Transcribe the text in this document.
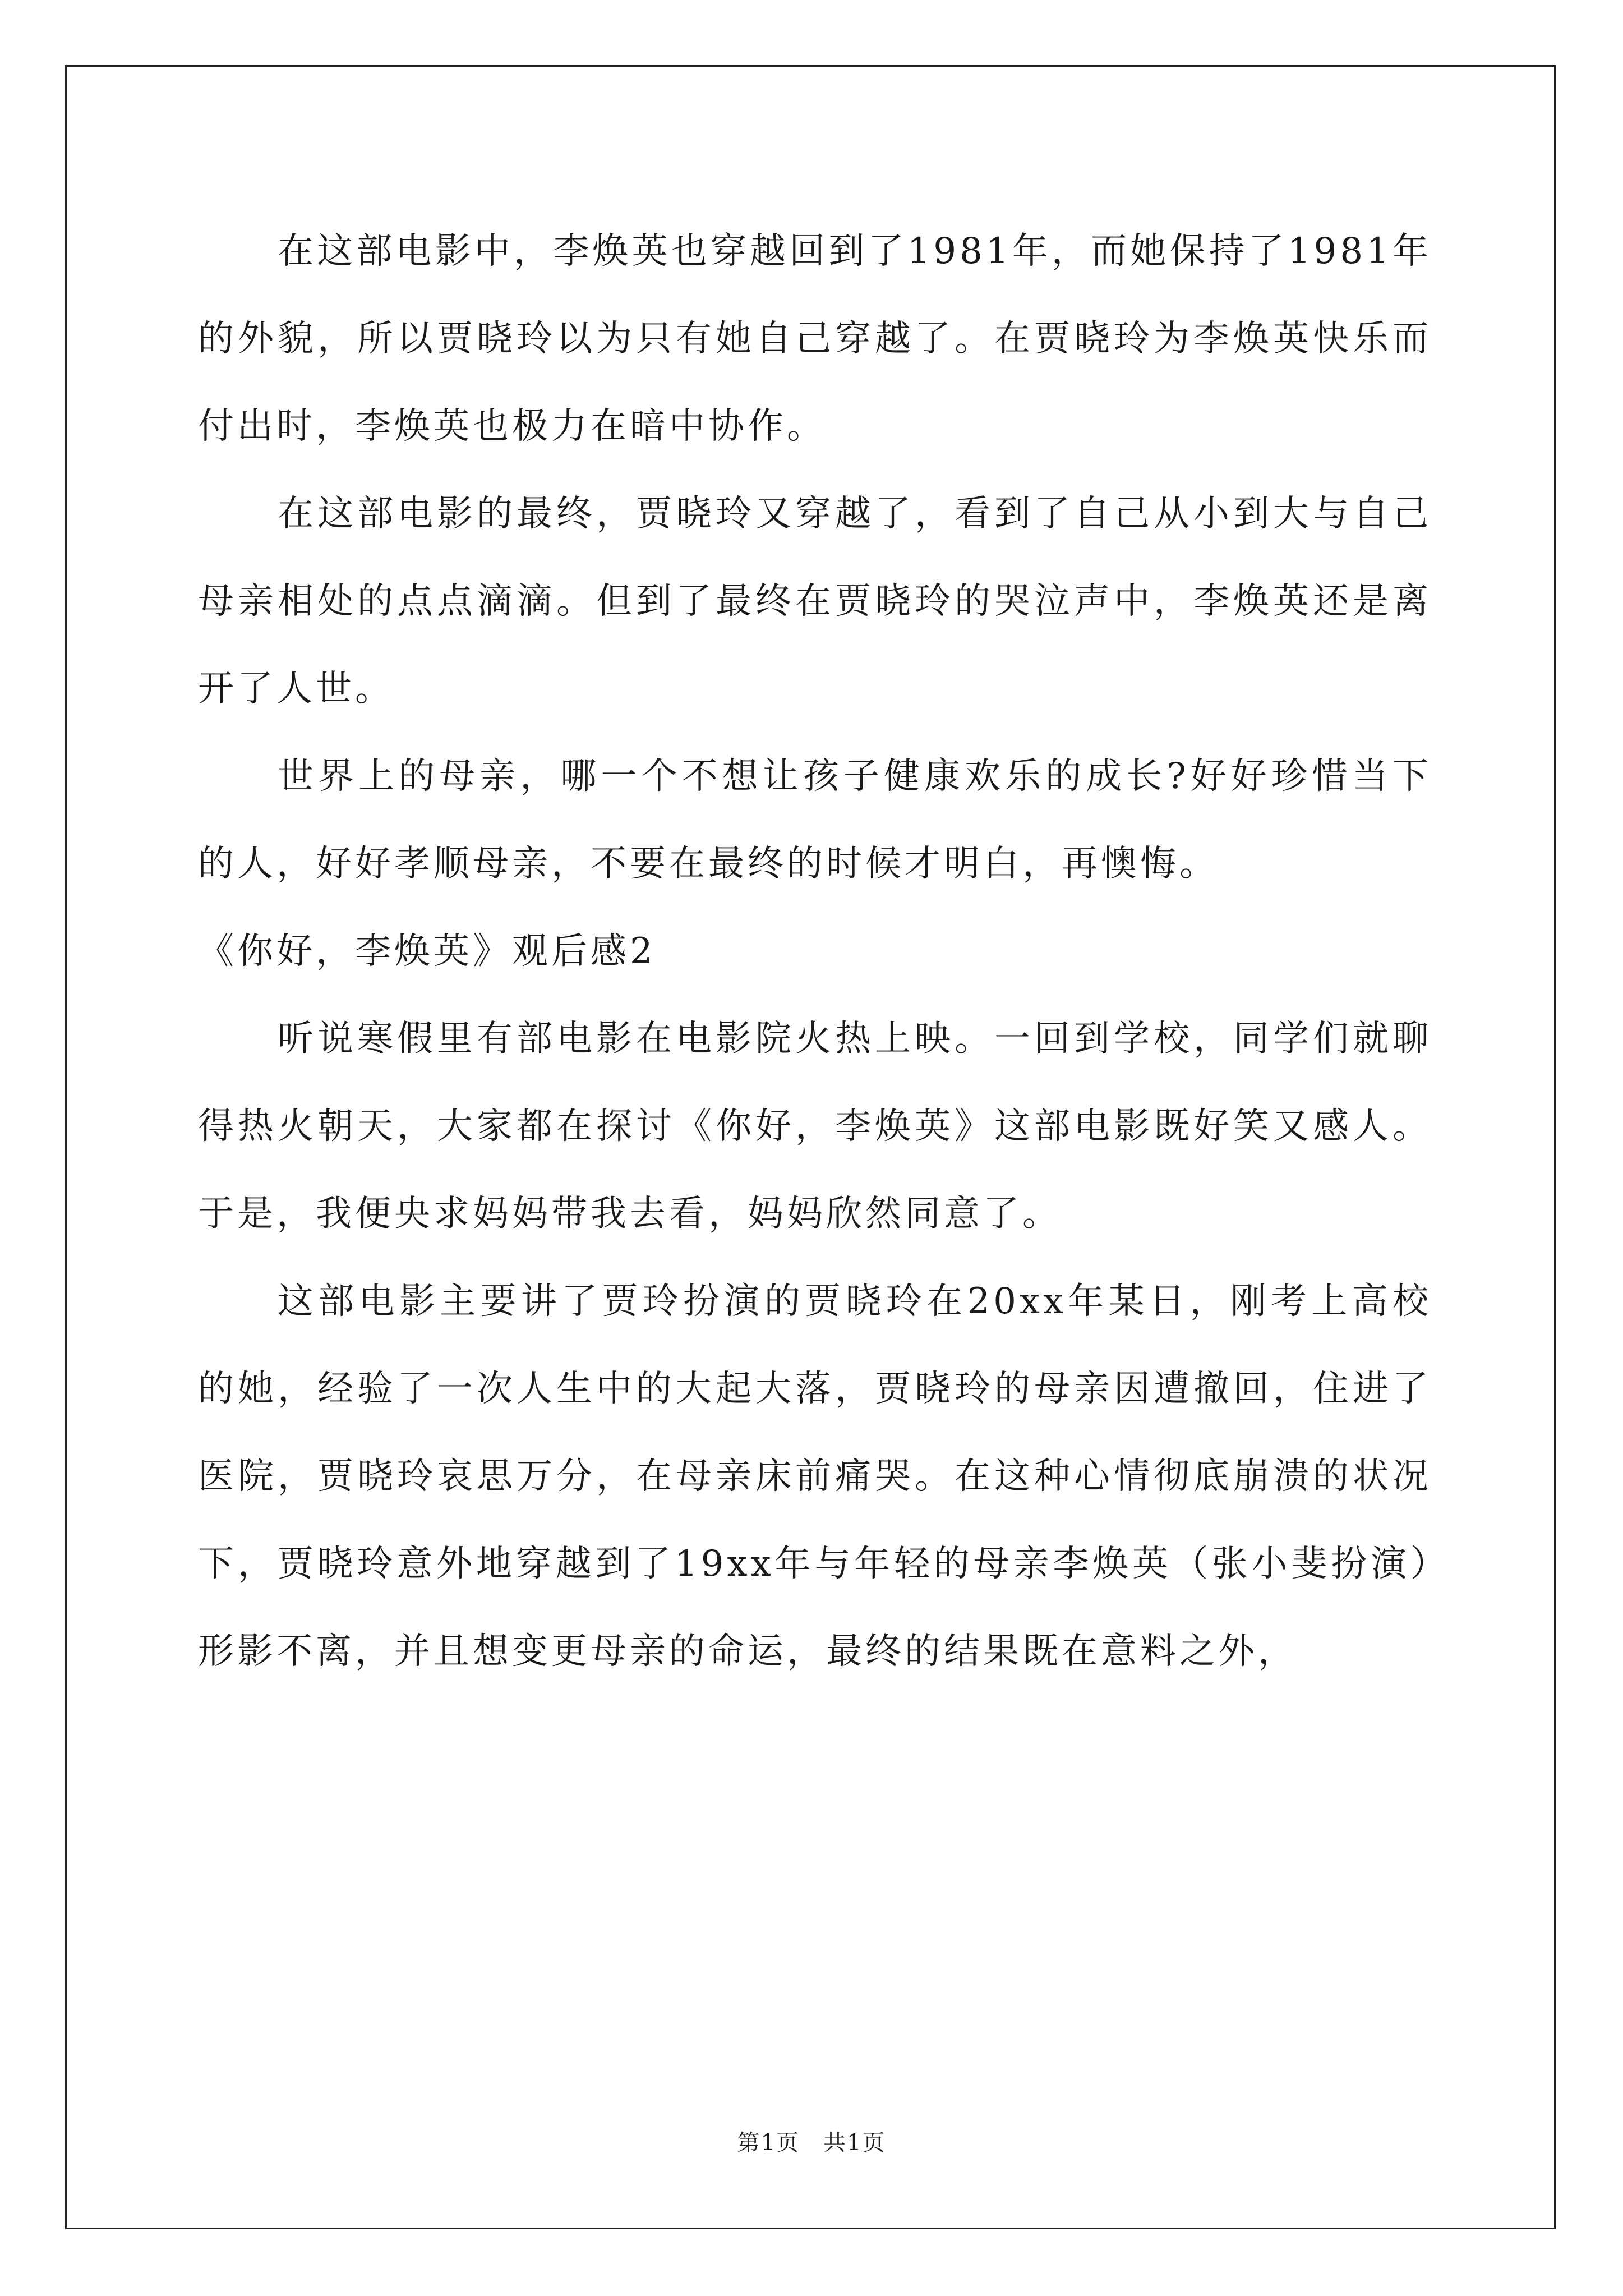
在这部电影中，李焕英也穿越回到了1981年，而她保持了1981年的外貌，所以贾晓玲以为只有她自己穿越了。在贾晓玲为李焕英快乐而付出时，李焕英也极力在暗中协作。

在这部电影的最终，贾晓玲又穿越了，看到了自己从小到大与自己母亲相处的点点滴滴。但到了最终在贾晓玲的哭泣声中，李焕英还是离开了人世。

世界上的母亲，哪一个不想让孩子健康欢乐的成长?好好珍惜当下的人，好好孝顺母亲，不要在最终的时候才明白，再懊悔。

《你好，李焕英》观后感2

听说寒假里有部电影在电影院火热上映。一回到学校，同学们就聊得热火朝天，大家都在探讨《你好，李焕英》这部电影既好笑又感人。于是，我便央求妈妈带我去看，妈妈欣然同意了。

这部电影主要讲了贾玲扮演的贾晓玲在20xx年某日，刚考上高校的她，经验了一次人生中的大起大落，贾晓玲的母亲因遭撤回，住进了医院，贾晓玲哀思万分，在母亲床前痛哭。在这种心情彻底崩溃的状况下，贾晓玲意外地穿越到了19xx年与年轻的母亲李焕英（张小斐扮演）形影不离，并且想变更母亲的命运，最终的结果既在意料之外，

第1页　共1页
